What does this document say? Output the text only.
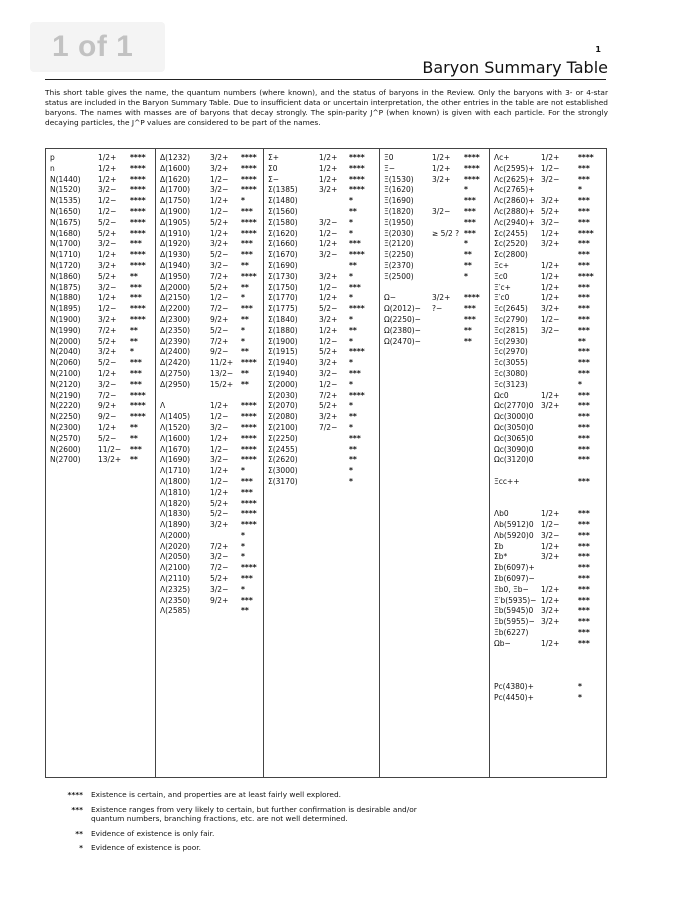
1 of 1	1
Baryon Summary Table

This short table gives the name, the quantum numbers (where known), and the status of baryons in the Review. Only the baryons with 3- or 4-star status are included in the Baryon Summary Table. Due to insufficient data or uncertain interpretation, the other entries in the table are not established baryons. The names with masses are of baryons that decay strongly. The spin-parity J^P (when known) is given with each particle. For the strongly decaying particles, the J^P values are considered to be part of the names.

p	1/2+ ****
n	1/2+ ****
N(1440) 1/2+ ****
N(1520) 3/2− ****
N(1535) 1/2− ****
N(1650) 1/2− ****
N(1675) 5/2− ****
N(1680) 5/2+ ****
N(1700) 3/2− ***
N(1710) 1/2+ ****
N(1720) 3/2+ ****
N(1860) 5/2+ **
N(1875) 3/2− ***
N(1880) 1/2+ ***
N(1895) 1/2− ****
N(1900) 3/2+ ****
N(1990) 7/2+ **
N(2000) 5/2+ **
N(2040) 3/2+ *
N(2060) 5/2− ***
N(2100) 1/2+ ***
N(2120) 3/2− ***
N(2190) 7/2− ****
N(2220) 9/2+ ****
N(2250) 9/2− ****
N(2300) 1/2+ **
N(2570) 5/2− **
N(2600) 11/2− ***
N(2700) 13/2+ **
Δ(1232)	3/2+ ****
Δ(1600)	3/2+ ****
Δ(1620)	1/2− ****
Δ(1700)	3/2− ****
Δ(1750)	1/2+ *
Δ(1900)	1/2− ***
Δ(1905)	5/2+ ****
Δ(1910)	1/2+ ****
Δ(1920)	3/2+ ***
Δ(1930)	5/2− ***
Δ(1940)	3/2− **
Δ(1950)	7/2+ ****
Δ(2000)	5/2+ **
Δ(2150)	1/2− *
Δ(2200)	7/2− ***
Δ(2300)	9/2+ **
Δ(2350)	5/2− *
Δ(2390)	7/2+ *
Δ(2400)	9/2− **
Δ(2420)	11/2+ ****
Δ(2750)	13/2− **
Δ(2950)	15/2+ **
Λ	1/2+ ****
Λ(1405)	1/2− ****
Λ(1520)	3/2− ****
Λ(1600)	1/2+ ****
Λ(1670)	1/2− ****
Λ(1690)	3/2− ****
Λ(1710)	1/2+ *
Λ(1800)	1/2− ***
Λ(1810)	1/2+ ***
Λ(1820)	5/2+ ****
Λ(1830)	5/2− ****
Λ(1890)	3/2+ ****
Λ(2000)	*
Λ(2020)	7/2+ *
Λ(2050)	3/2− *
Λ(2100)	7/2− ****
Λ(2110)	5/2+ ***
Λ(2325)	3/2− *
Λ(2350)	9/2+ ***
Λ(2585)	**
Σ+	1/2+ ****
Σ0	1/2+ ****
Σ−	1/2+ ****
Σ(1385)	3/2+ ****
Σ(1480)	*
Σ(1560)	**
Σ(1580)	3/2− *
Σ(1620)	1/2− *
Σ(1660)	1/2+ ***
Σ(1670)	3/2− ****
Σ(1690)	**
Σ(1730)	3/2+ *
Σ(1750)	1/2− ***
Σ(1770)	1/2+ *
Σ(1775)	5/2− ****
Σ(1840)	3/2+ *
Σ(1880)	1/2+ **
Σ(1900)	1/2− *
Σ(1915)	5/2+ ****
Σ(1940)	3/2+ *
Σ(1940)	3/2− ***
Σ(2000)	1/2− *
Σ(2030)	7/2+ ****
Σ(2070)	5/2+ *
Σ(2080)	3/2+ **
Σ(2100)	7/2− *
Σ(2250)	***
Σ(2455)	**
Σ(2620)	**
Σ(3000)	*
Σ(3170)	*
Ξ0	1/2+ ****
Ξ−	1/2+ ****
Ξ(1530) 3/2+ ****
Ξ(1620)	*
Ξ(1690)	***
Ξ(1820) 3/2− ***
Ξ(1950)	***
Ξ(2030) ≥ 5/2 ? ***
Ξ(2120)	*
Ξ(2250)	**
Ξ(2370)	**
Ξ(2500)	*
Ω−	3/2+ ****
Ω(2012)− ?−	***
Ω(2250)−	***
Ω(2380)−	**
Ω(2470)−	**
Λc+	1/2+ ****
Λc(2595)+ 1/2− ***
Λc(2625)+ 3/2− ***
Λc(2765)+	*
Λc(2860)+ 3/2+ ***
Λc(2880)+ 5/2+ ***
Λc(2940)+ 3/2− ***
Σc(2455) 1/2+ ****
Σc(2520) 3/2+ ***
Σc(2800)	***
Ξc+	1/2+ ***
Ξc0	1/2+ ****
Ξ′c+	1/2+ ***
Ξ′c0	1/2+ ***
Ξc(2645) 3/2+ ***
Ξc(2790) 1/2− ***
Ξc(2815) 3/2− ***
Ξc(2930)	**
Ξc(2970)	***
Ξc(3055)	***
Ξc(3080)	***
Ξc(3123)	*
Ωc0	1/2+ ***
Ωc(2770)0 3/2+ ***
Ωc(3000)0	***
Ωc(3050)0	***
Ωc(3065)0	***
Ωc(3090)0	***
Ωc(3120)0	***
Ξcc++	***
Λb0	1/2+ ***
Λb(5912)0 1/2− ***
Λb(5920)0 3/2− ***
Σb	1/2+ ***
Σb*	3/2+ ***
Σb(6097)+	***
Σb(6097)−	***
Ξb0, Ξb− 1/2+ ***
Ξ′b(5935)− 1/2+ ***
Ξb(5945)0 3/2+ ***
Ξb(5955)− 3/2+ ***
Ξb(6227)	***
Ωb−	1/2+ ***
Pc(4380)+	*
Pc(4450)+	*
**** Existence is certain, and properties are at least fairly well explored.
*** Existence ranges from very likely to certain, but further confirmation is desirable and/or quantum numbers, branching fractions, etc. are not well determined.
** Evidence of existence is only fair.
* Evidence of existence is poor.
